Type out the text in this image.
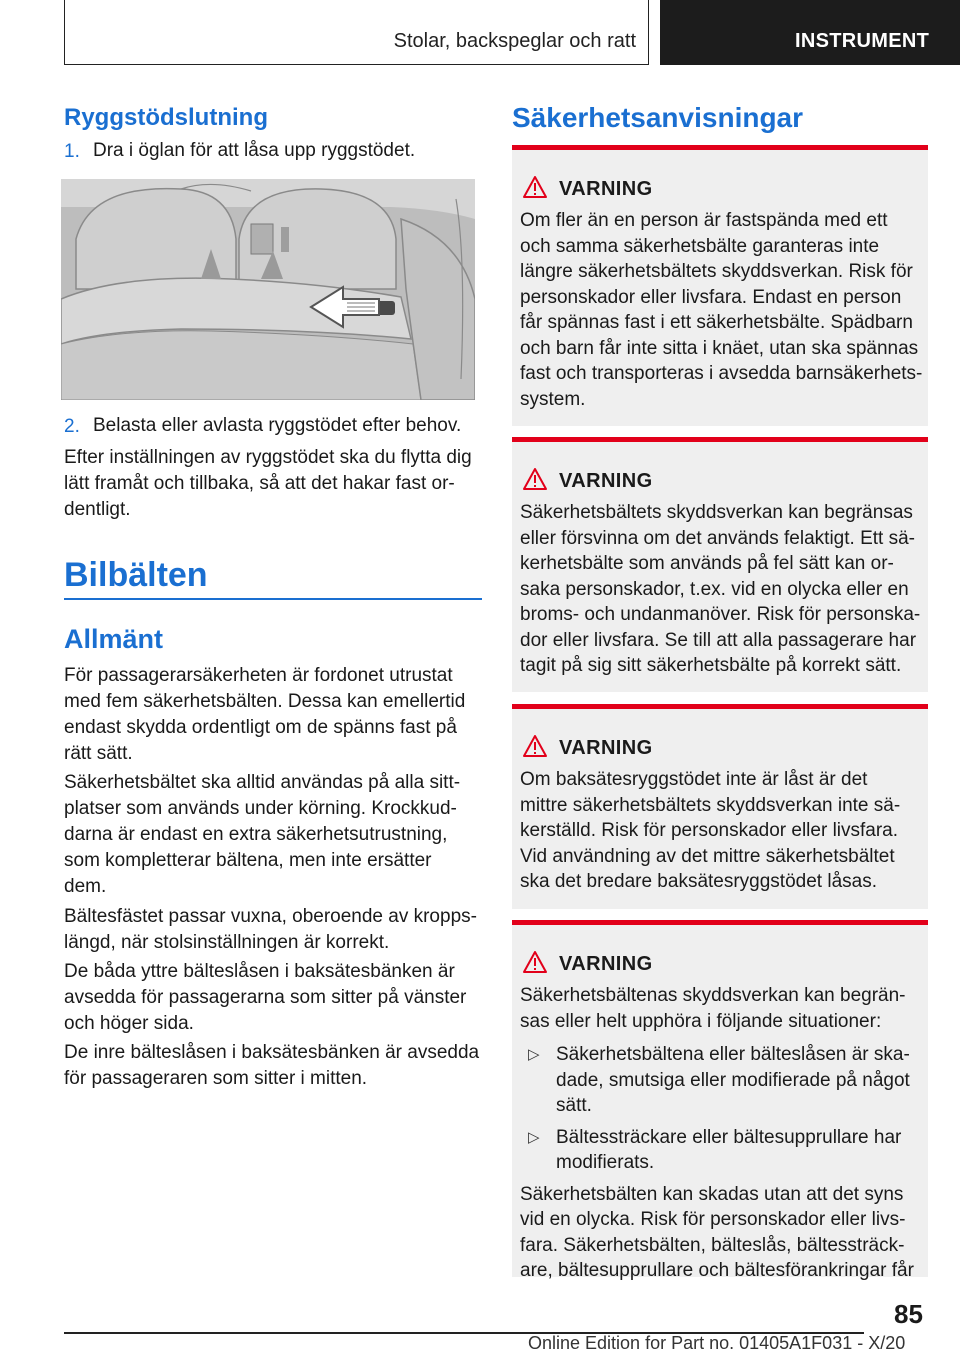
Stolar, backspeglar och ratt	INSTRUMENT
Ryggstödslutning
1. Dra i öglan för att låsa upp ryggstödet.
2. Belasta eller avlasta ryggstödet efter behov.
Efter inställningen av ryggstödet ska du flytta dig
lätt framåt och tillbaka, så att det hakar fast or-
dentligt.
Bilbälten
Allmänt
För passagerarsäkerheten är fordonet utrustat
med fem säkerhetsbälten. Dessa kan emellertid
endast skydda ordentligt om de spänns fast på
rätt sätt.
Säkerhetsbältet ska alltid användas på alla sitt-
platser som används under körning. Krockkud-
darna är endast en extra säkerhetsutrustning,
som kompletterar bältena, men inte ersätter
dem.
Bältesfästet passar vuxna, oberoende av kropps-
längd, när stolsinställningen är korrekt.
De båda yttre bälteslåsen i baksätesbänken är
avsedda för passagerarna som sitter på vänster
och höger sida.
De inre bälteslåsen i baksätesbänken är avsedda
för passageraren som sitter i mitten.
Säkerhetsanvisningar
VARNING
Om fler än en person är fastspända med ett
och samma säkerhetsbälte garanteras inte
längre säkerhetsbältets skyddsverkan. Risk för
personskador eller livsfara. Endast en person
får spännas fast i ett säkerhetsbälte. Spädbarn
och barn får inte sitta i knäet, utan ska spännas
fast och transporteras i avsedda barnsäkerhets-
system.
VARNING
Säkerhetsbältets skyddsverkan kan begränsas
eller försvinna om det används felaktigt. Ett sä-
kerhetsbälte som används på fel sätt kan or-
saka personskador, t.ex. vid en olycka eller en
broms- och undanmanöver. Risk för personska-
dor eller livsfara. Se till att alla passagerare har
tagit på sig sitt säkerhetsbälte på korrekt sätt.
VARNING
Om baksätesryggstödet inte är låst är det
mittre säkerhetsbältets skyddsverkan inte sä-
kerställd. Risk för personskador eller livsfara.
Vid användning av det mittre säkerhetsbältet
ska det bredare baksätesryggstödet låsas.
VARNING
Säkerhetsbältenas skyddsverkan kan begrän-
sas eller helt upphöra i följande situationer:
▷ Säkerhetsbältena eller bälteslåsen är ska-
dade, smutsiga eller modifierade på något
sätt.
▷ Bältessträckare eller bältesupprullare har
modifierats.
Säkerhetsbälten kan skadas utan att det syns
vid en olycka. Risk för personskador eller livs-
fara. Säkerhetsbälten, bälteslås, bältessträck-
are, bältesupprullare och bältesförankringar får
85
Online Edition for Part no. 01405A1F031 - X/20
